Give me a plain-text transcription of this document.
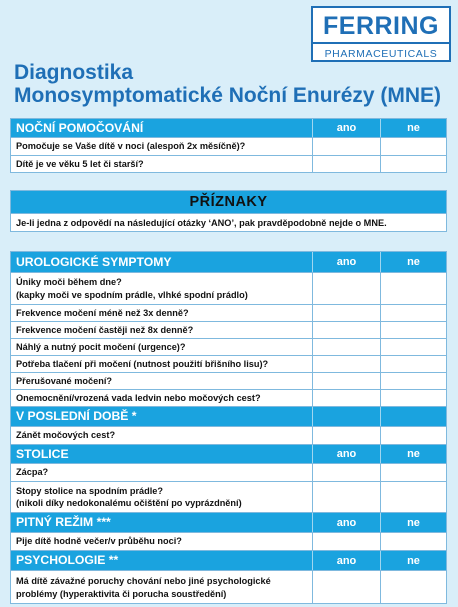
FERRING
PHARMACEUTICALS
Diagnostika
Monosymptomatické Noční Enurézy (MNE)
NOČNÍ POMOČOVÁNÍ	ano	ne
Pomočuje se Vaše dítě v noci (alespoň 2x měsíčně)?
Dítě je ve věku 5 let či starší?
PŘÍZNAKY
Je-li jedna z odpovědí na následující otázky ‘ANO’, pak pravděpodobně nejde o MNE.
UROLOGICKÉ SYMPTOMY	ano	ne
Úniky moči během dne?
(kapky moči ve spodním prádle, vlhké spodní prádlo)
Frekvence močení méně než 3x denně?
Frekvence močení častěji než 8x denně?
Náhlý a nutný pocit močení (urgence)?
Potřeba tlačení při močení (nutnost použití břišního lisu)?
Přerušované močení?
Onemocnění/vrozená vada ledvin nebo močových cest?
V POSLEDNÍ DOBĚ *
Zánět močových cest?
STOLICE	ano	ne
Zácpa?
Stopy stolice na spodním prádle?
(nikoli díky nedokonalému očištění po vyprázdnění)
PITNÝ REŽIM ***	ano	ne
Pije dítě hodně večer/v průběhu noci?
PSYCHOLOGIE **	ano	ne
Má dítě závažné poruchy chování nebo jiné psychologické
problémy (hyperaktivita či porucha soustředění)
